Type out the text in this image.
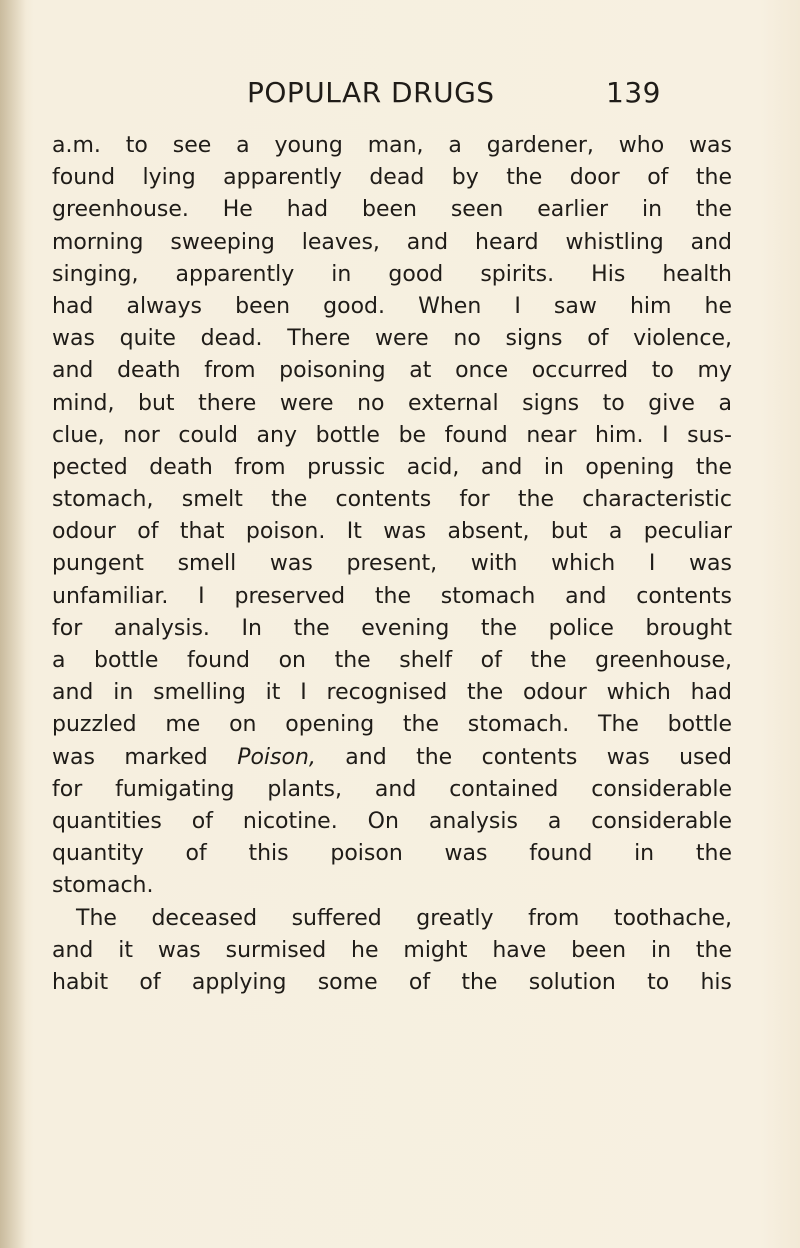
POPULAR DRUGS	139
a.m. to see a young man, a gardener, who was
found lying apparently dead by the door of the
greenhouse. He had been seen earlier in the
morning sweeping leaves, and heard whistling and
singing, apparently in good spirits. His health
had always been good. When I saw him he
was quite dead. There were no signs of violence,
and death from poisoning at once occurred to my
mind, but there were no external signs to give a
clue, nor could any bottle be found near him. I sus-
pected death from prussic acid, and in opening the
stomach, smelt the contents for the characteristic
odour of that poison. It was absent, but a peculiar
pungent smell was present, with which I was
unfamiliar. I preserved the stomach and contents
for analysis. In the evening the police brought
a bottle found on the shelf of the greenhouse,
and in smelling it I recognised the odour which had
puzzled me on opening the stomach. The bottle
was marked Poison, and the contents was used
for fumigating plants, and contained considerable
quantities of nicotine. On analysis a considerable
quantity of this poison was found in the
stomach.
The deceased suffered greatly from toothache,
and it was surmised he might have been in the
habit of applying some of the solution to his
